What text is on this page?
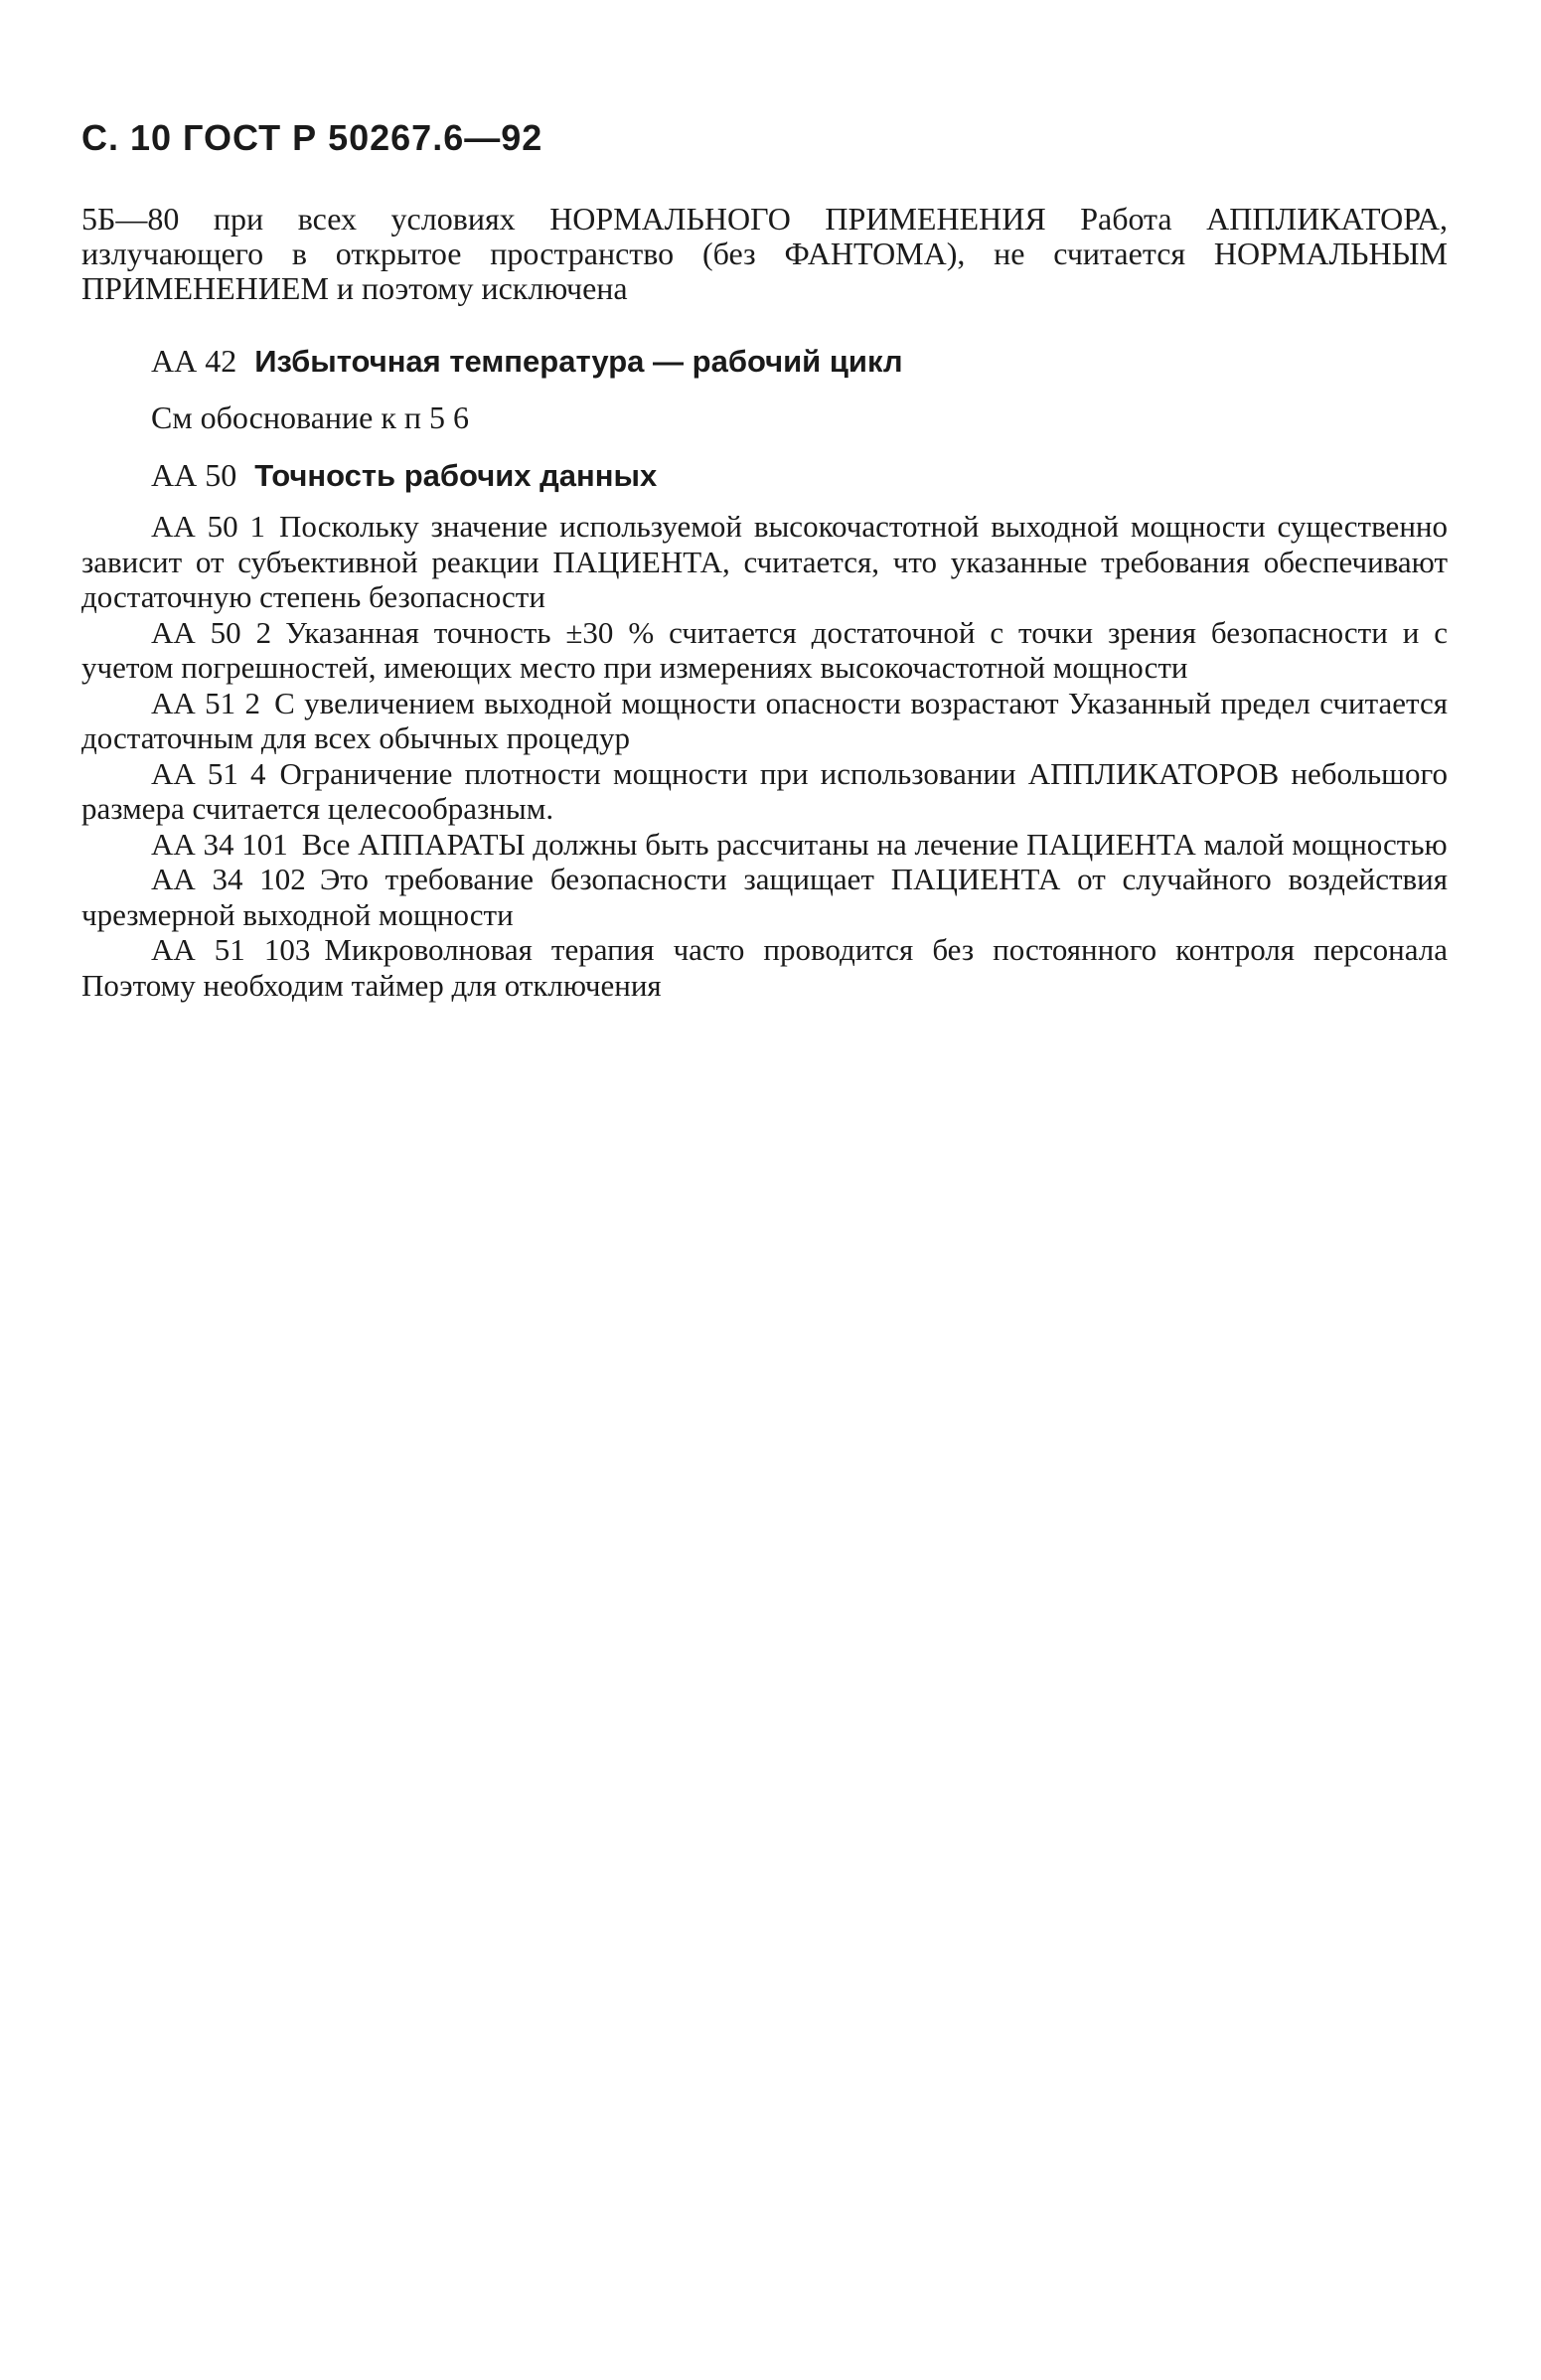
С. 10 ГОСТ Р 50267.6—92

5Б—80 при всех условиях НОРМАЛЬНОГО ПРИМЕНЕНИЯ Работа АППЛИКАТОРА, излучающего в открытое пространство (без ФАНТОМА), не считается НОРМАЛЬНЫМ ПРИМЕНЕНИЕМ и поэтому исключена

АА 42 Избыточная температура — рабочий цикл
См обоснование к п 5 6
АА 50 Точность рабочих данных

АА 50 1 Поскольку значение используемой высокочастотной выходной мощности существенно зависит от субъективной реакции ПАЦИЕНТА, считается, что указанные требования обеспечивают достаточную степень безопасности

АА 50 2 Указанная точность ±30 % считается достаточной с точки зрения безопасности и с учетом погрешностей, имеющих место при измерениях высокочастотной мощности

АА 51 2 С увеличением выходной мощности опасности возрастают Указанный предел считается достаточным для всех обычных процедур

АА 51 4 Ограничение плотности мощности при использовании АППЛИКАТОРОВ небольшого размера считается целесообразным.

АА 34 101 Все АППАРАТЫ должны быть рассчитаны на лечение ПАЦИЕНТА малой мощностью

АА 34 102 Это требование безопасности защищает ПАЦИЕНТА от случайного воздействия чрезмерной выходной мощности

АА 51 103 Микроволновая терапия часто проводится без постоянного контроля персонала Поэтому необходим таймер для отключения
